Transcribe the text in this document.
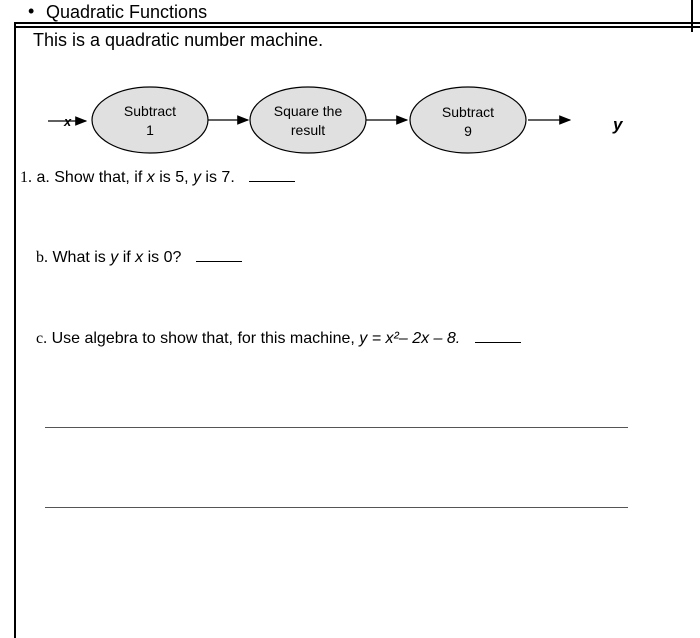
• Quadratic Functions
This is a quadratic number machine.
x
Subtract
1
Square the
result
Subtract
9	y
1. a. Show that, if x is 5, y is 7.
b. What is y if x is 0?
c. Use algebra to show that, for this machine, y = x²– 2x – 8.
